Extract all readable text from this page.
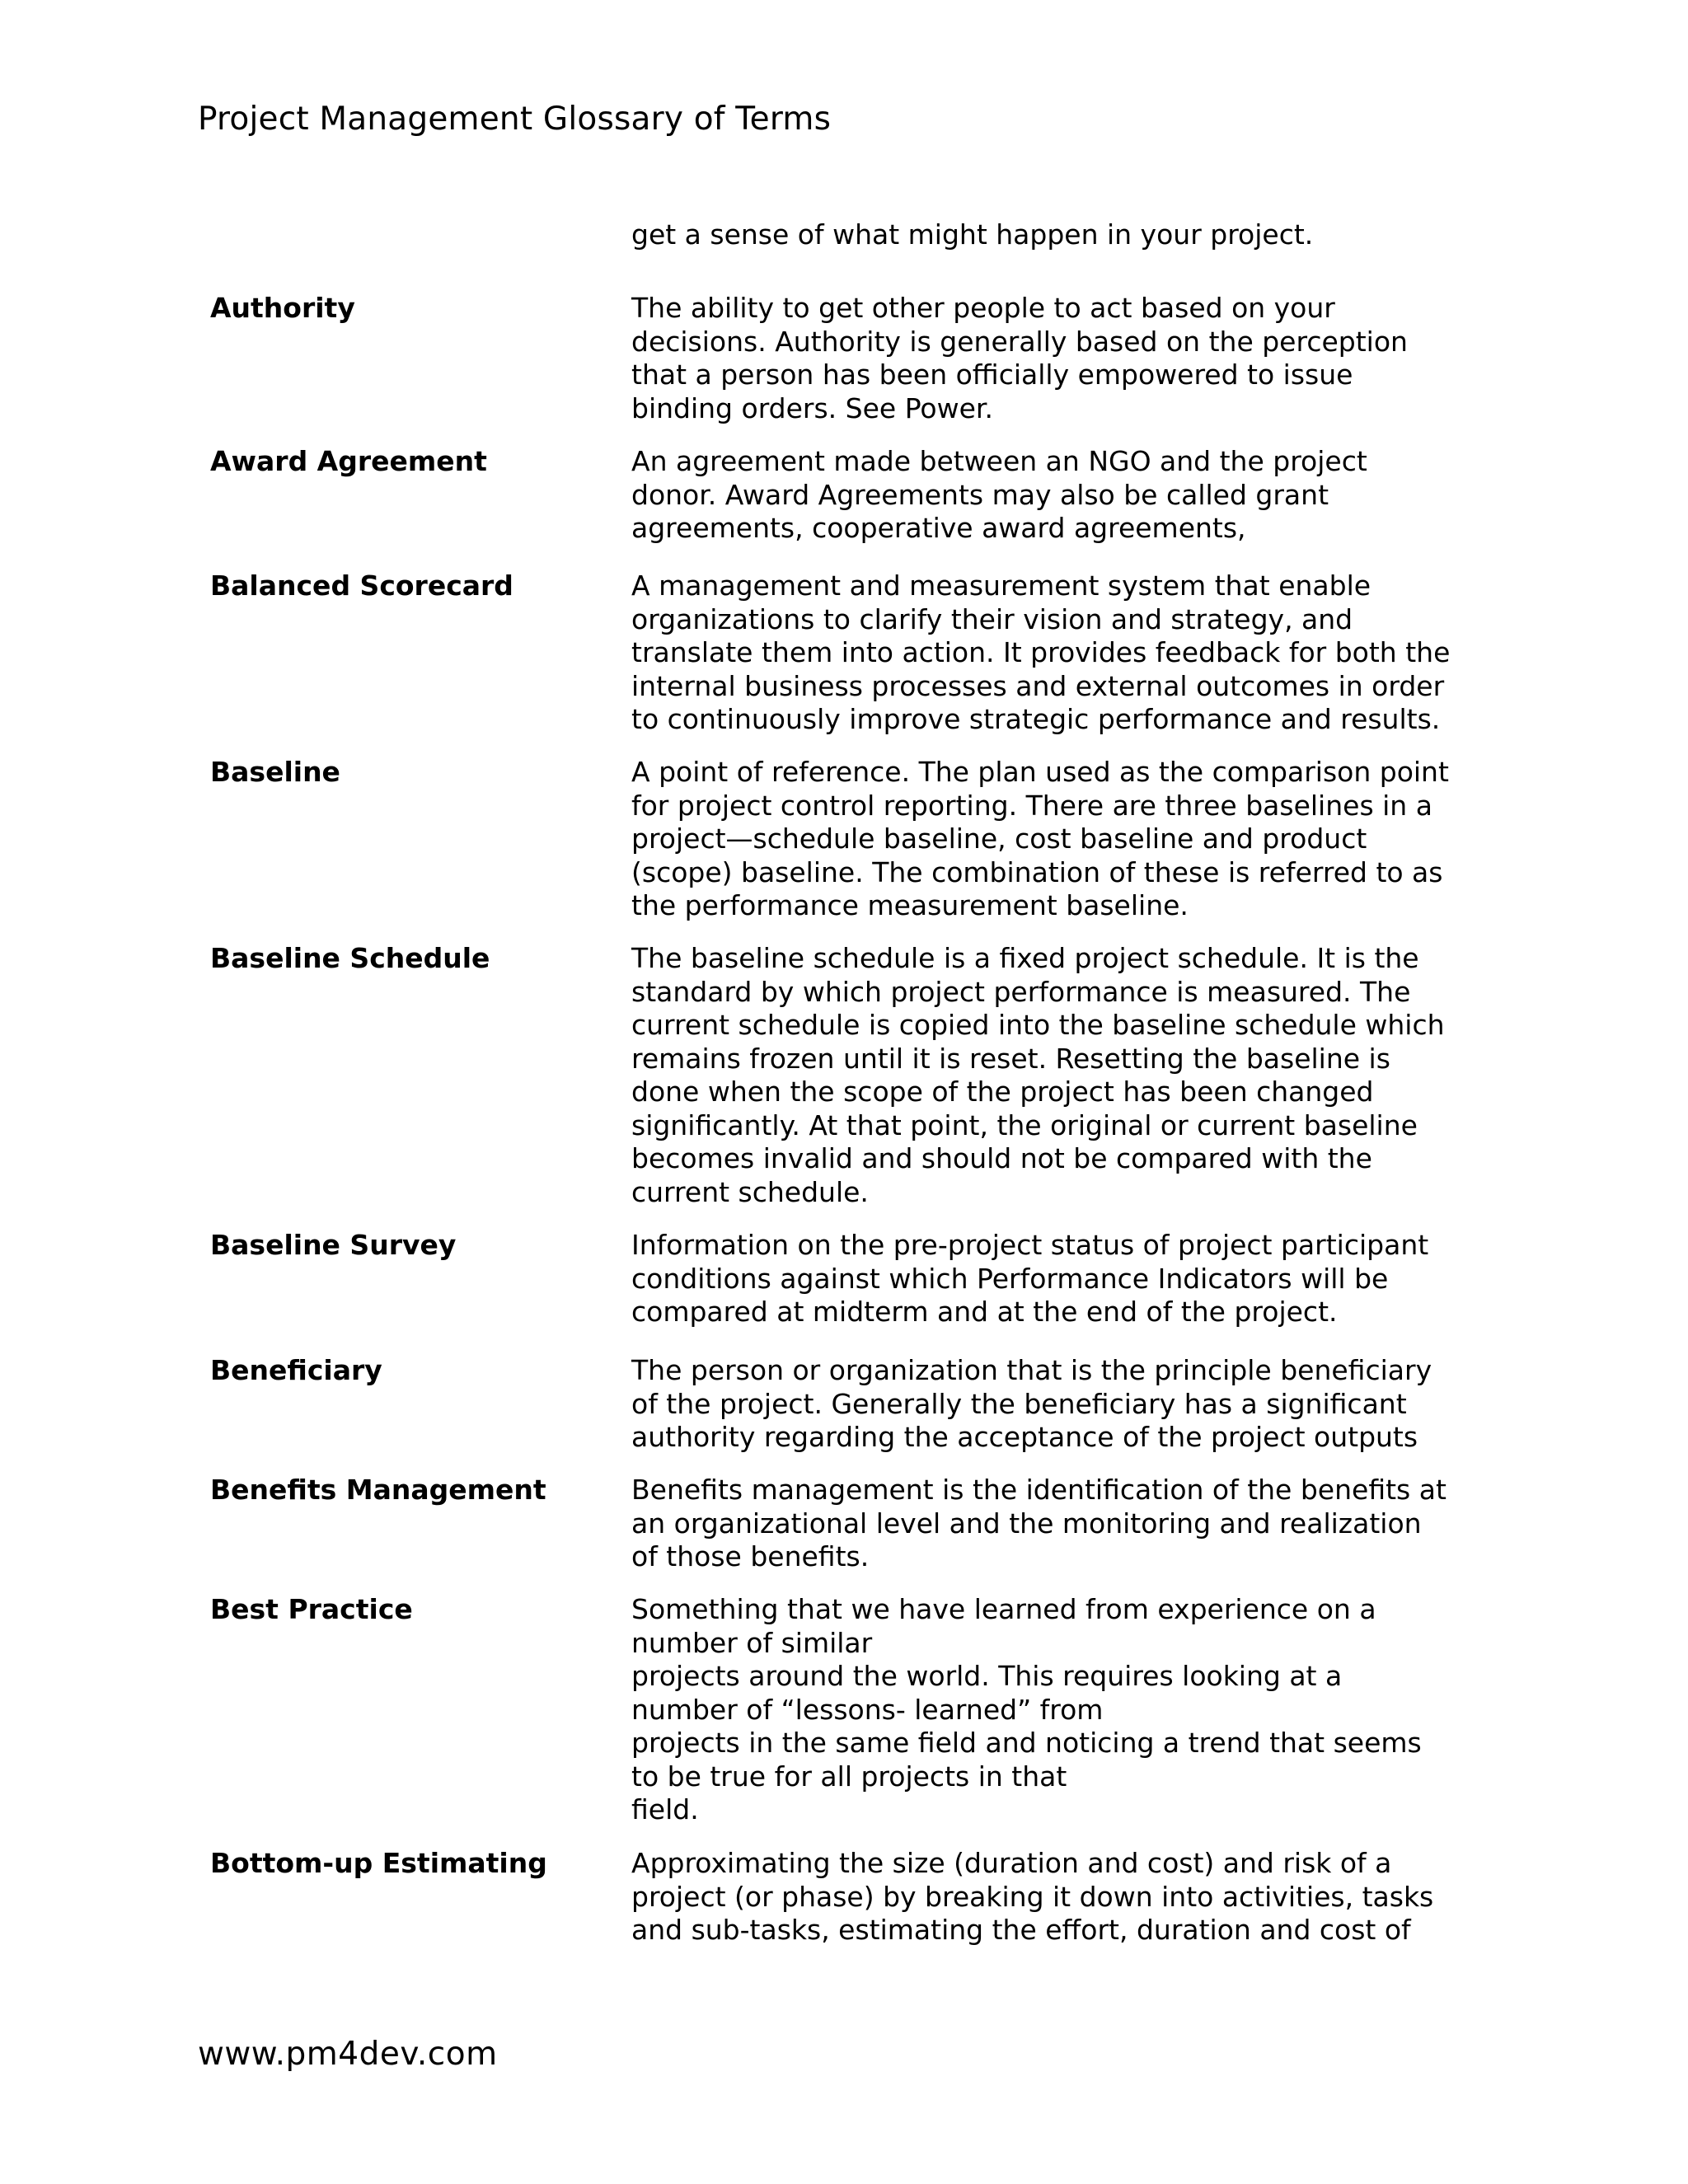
Project Management Glossary of Terms
get a sense of what might happen in your project.
Authority	The ability to get other people to act based on your
decisions. Authority is generally based on the perception
that a person has been officially empowered to issue
binding orders. See Power.
Award Agreement	An agreement made between an NGO and the project
donor. Award Agreements may also be called grant
agreements, cooperative award agreements,
Balanced Scorecard	A management and measurement system that enable
organizations to clarify their vision and strategy, and
translate them into action. It provides feedback for both the
internal business processes and external outcomes in order
to continuously improve strategic performance and results.
Baseline	A point of reference. The plan used as the comparison point
for project control reporting. There are three baselines in a
project—schedule baseline, cost baseline and product
(scope) baseline. The combination of these is referred to as
the performance measurement baseline.
Baseline Schedule	The baseline schedule is a fixed project schedule. It is the
standard by which project performance is measured. The
current schedule is copied into the baseline schedule which
remains frozen until it is reset. Resetting the baseline is
done when the scope of the project has been changed
significantly. At that point, the original or current baseline
becomes invalid and should not be compared with the
current schedule.
Baseline Survey	Information on the pre-project status of project participant
conditions against which Performance Indicators will be
compared at midterm and at the end of the project.
Beneficiary	The person or organization that is the principle beneficiary
of the project. Generally the beneficiary has a significant
authority regarding the acceptance of the project outputs
Benefits Management	Benefits management is the identification of the benefits at
an organizational level and the monitoring and realization
of those benefits.
Best Practice	Something that we have learned from experience on a
number of similar
projects around the world. This requires looking at a
number of “lessons- learned” from
projects in the same field and noticing a trend that seems
to be true for all projects in that
field.
Bottom-up Estimating	Approximating the size (duration and cost) and risk of a
project (or phase) by breaking it down into activities, tasks
and sub-tasks, estimating the effort, duration and cost of
www.pm4dev.com
